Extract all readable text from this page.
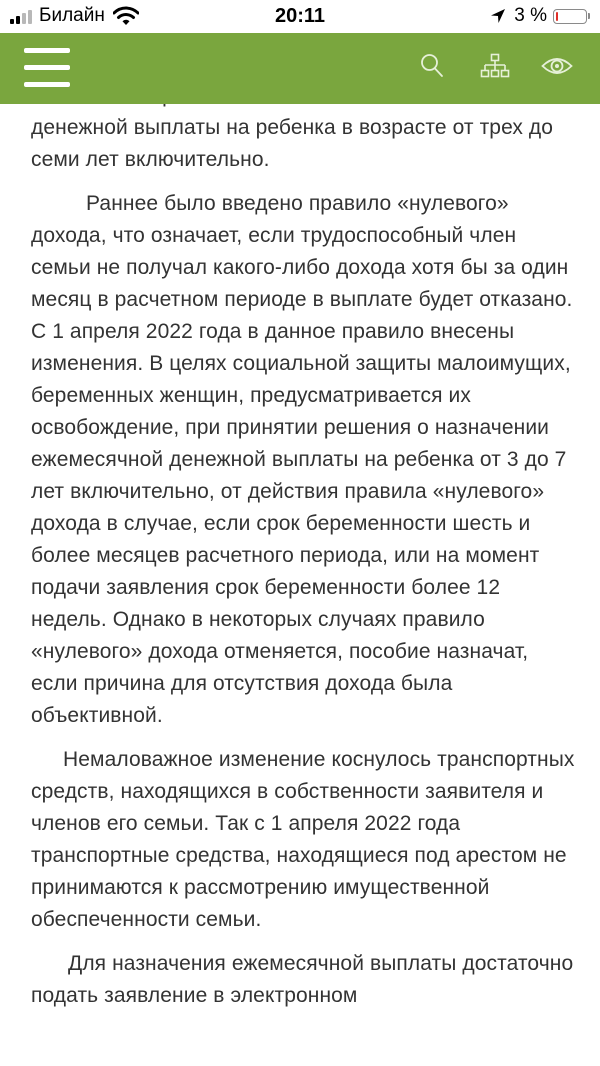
Билайн	20:11	3 %

денежной выплаты на ребенка в возрасте от трех до семи лет включительно.

Раннее было введено правило «нулевого» дохода, что означает, если трудоспособный член семьи не получал какого-либо дохода хотя бы за один месяц в расчетном периоде в выплате будет отказано. С 1 апреля 2022 года в данное правило внесены изменения. В целях социальной защиты малоимущих, беременных женщин, предусматривается их освобождение, при принятии решения о назначении ежемесячной денежной выплаты на ребенка от 3 до 7 лет включительно, от действия правила «нулевого» дохода в случае, если срок беременности шесть и более месяцев расчетного периода, или на момент подачи заявления срок беременности более 12 недель. Однако в некоторых случаях правило «нулевого» дохода отменяется, пособие назначат, если причина для отсутствия дохода была объективной.

Немаловажное изменение коснулось транспортных средств, находящихся в собственности заявителя и членов его семьи. Так с 1 апреля 2022 года транспортные средства, находящиеся под арестом не принимаются к рассмотрению имущественной обеспеченности семьи.

Для назначения ежемесячной выплаты достаточно подать заявление в электронном
